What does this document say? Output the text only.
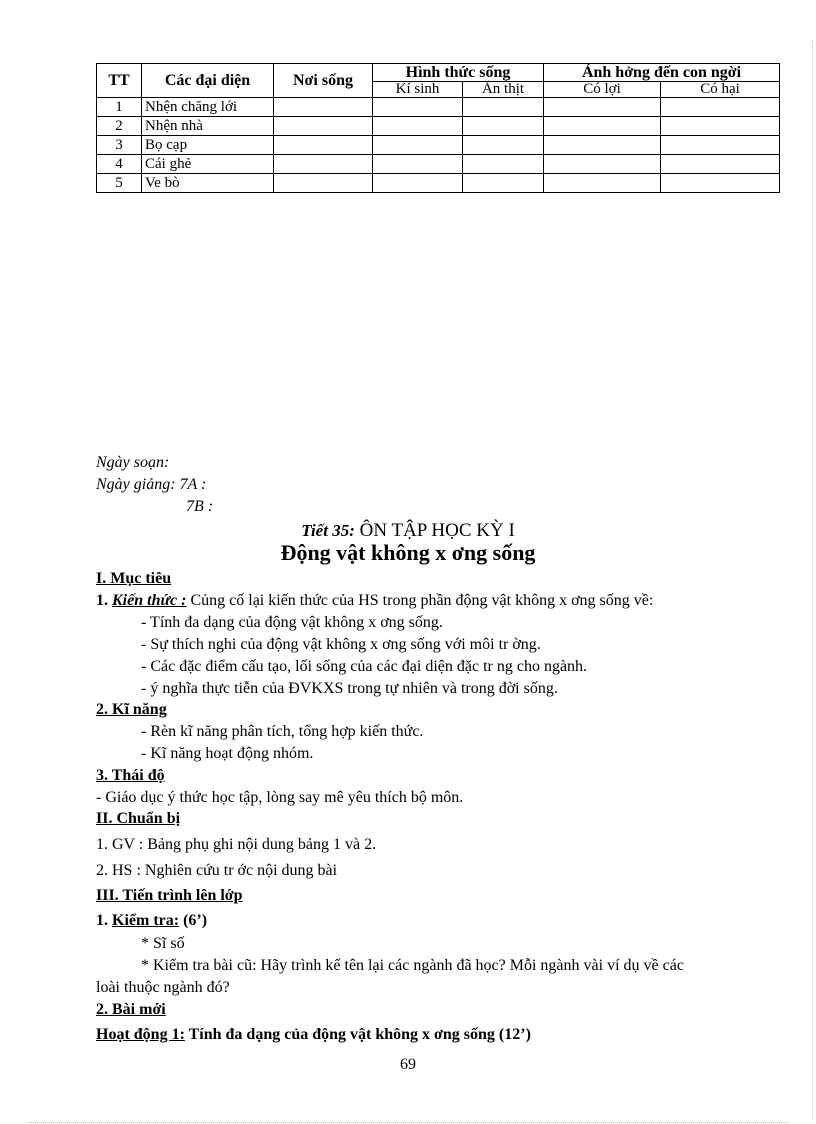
TT	Các đại diện	Nơi sống	Hình thức sống		Ảnh hởng đến con ngời	
			Kí sinh	Ăn thịt	Có lợi	Có hại
1	Nhện chăng lới					
2	Nhện nhà					
3	Bọ cạp					
4	Cái ghẻ					
5	Ve bò					
Ngày soạn:
Ngày giảng: 7A :
7B :
Tiết 35: ÔN TẬP HỌC KỲ I
Động vật không x ơng sống
I. Mục tiêu
1. Kiến thức : Củng cố lại kiến thức của HS trong phần động vật không x ơng sống về:
- Tính đa dạng của động vật không x ơng sống.
- Sự thích nghi của động vật không x ơng sống với môi tr ờng.
- Các đặc điểm cấu tạo, lối sống của các đại diện đặc tr ng cho ngành.
- ý nghĩa thực tiễn của ĐVKXS trong tự nhiên và trong đời sống.
2. Kĩ năng
- Rèn kĩ năng phân tích, tổng hợp kiến thức.
- Kĩ năng hoạt động nhóm.
3. Thái độ
- Giáo dục ý thức học tập, lòng say mê yêu thích bộ môn.
II. Chuẩn bị
1. GV : Bảng phụ ghi nội dung bảng 1 và 2.
2. HS : Nghiên cứu tr ớc nội dung bài
III. Tiến trình lên lớp
1. Kiểm tra: (6’)
* Sĩ số
* Kiểm tra bài cũ: Hãy trình kể tên lại các ngành đã học? Mỗi ngành vài ví dụ về các
loài thuộc ngành đó?
2. Bài mới
Hoạt động 1: Tính đa dạng của động vật không x ơng sống (12’)
69
